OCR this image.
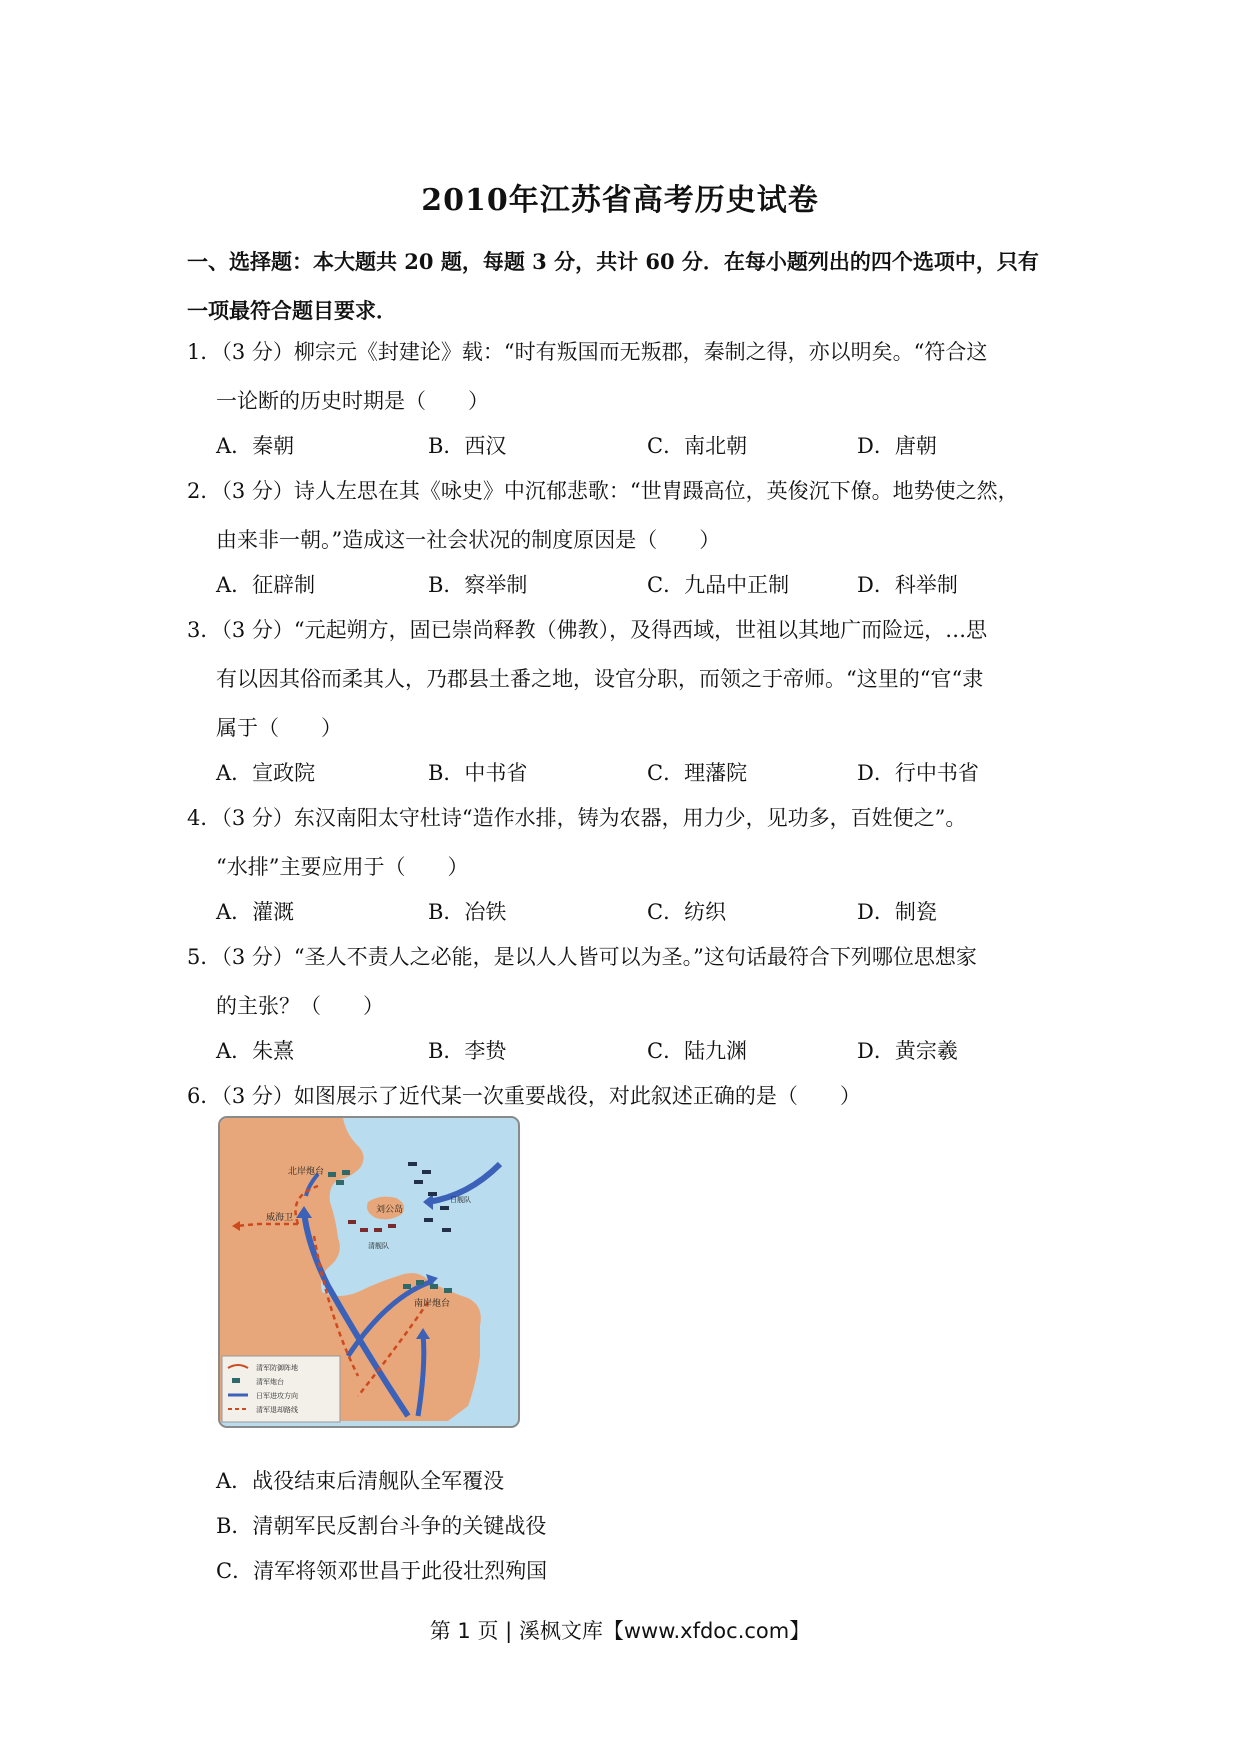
2010年江苏省高考历史试卷
一、选择题：本大题共 20 题，每题 3 分，共计 60 分．在每小题列出的四个选项中，只有
一项最符合题目要求．
1．（3 分）柳宗元《封建论》载：“时有叛国而无叛郡，秦制之得，亦以明矣。“符合这
一论断的历史时期是（　　）
A．秦朝	B．西汉	C．南北朝	D．唐朝
2．（3 分）诗人左思在其《咏史》中沉郁悲歌：“世胄蹑高位，英俊沉下僚。地势使之然，
由来非一朝。”造成这一社会状况的制度原因是（　　）
A．征辟制	B．察举制	C．九品中正制	D．科举制
3．（3 分）“元起朔方，固已崇尚释教（佛教），及得西域，世祖以其地广而险远，…思
有以因其俗而柔其人，乃郡县土番之地，设官分职，而领之于帝师。“这里的“官“隶
属于（　　）
A．宣政院	B．中书省	C．理藩院	D．行中书省
4．（3 分）东汉南阳太守杜诗“造作水排，铸为农器，用力少，见功多，百姓便之”。
“水排”主要应用于（　　）
A．灌溉	B．冶铁	C．纺织	D．制瓷
5．（3 分）“圣人不责人之必能，是以人人皆可以为圣。”这句话最符合下列哪位思想家
的主张？（　　）
A．朱熹	B．李贽	C．陆九渊	D．黄宗羲
6．（3 分）如图展示了近代某一次重要战役，对此叙述正确的是（　　）
北岸炮台
威海卫
刘公岛
南岸炮台
日舰队
清舰队
清军防御阵地
清军炮台
日军进攻方向
清军退却路线
A．战役结束后清舰队全军覆没
B．清朝军民反割台斗争的关键战役
C．清军将领邓世昌于此役壮烈殉国
第 1 页 | 溪枫文库【www.xfdoc.com】
